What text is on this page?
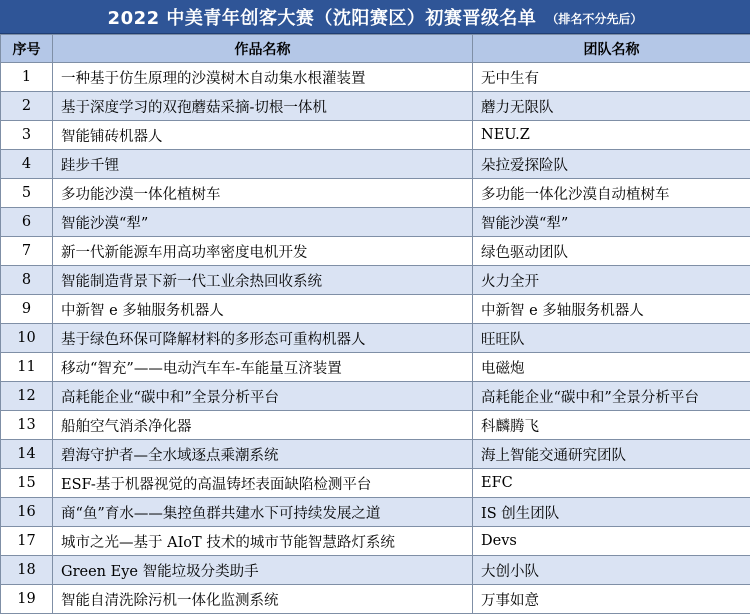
2022 中美青年创客大赛（沈阳赛区）初赛晋级名单 （排名不分先后）
序号	作品名称	团队名称
1	一种基于仿生原理的沙漠树木自动集水根灌装置	无中生有
2	基于深度学习的双孢蘑菇采摘-切根一体机	蘑力无限队
3	智能铺砖机器人	NEU.Z
4	跬步千锂	朵拉爱探险队
5	多功能沙漠一体化植树车	多功能一体化沙漠自动植树车
6	智能沙漠“犁”	智能沙漠“犁”
7	新一代新能源车用高功率密度电机开发	绿色驱动团队
8	智能制造背景下新一代工业余热回收系统	火力全开
9	中新智 e 多轴服务机器人	中新智 e 多轴服务机器人
10	基于绿色环保可降解材料的多形态可重构机器人	旺旺队
11	移动“智充”——电动汽车车-车能量互济装置	电磁炮
12	高耗能企业“碳中和”全景分析平台	高耗能企业“碳中和”全景分析平台
13	船舶空气消杀净化器	科麟腾飞
14	碧海守护者—全水域逐点乘潮系统	海上智能交通研究团队
15	ESF-基于机器视觉的高温铸坯表面缺陷检测平台	EFC
16	商“鱼”育水——集控鱼群共建水下可持续发展之道	IS 创生团队
17	城市之光—基于 AIoT 技术的城市节能智慧路灯系统	Devs
18	Green Eye 智能垃圾分类助手	大创小队
19	智能自清洗除污机一体化监测系统	万事如意
